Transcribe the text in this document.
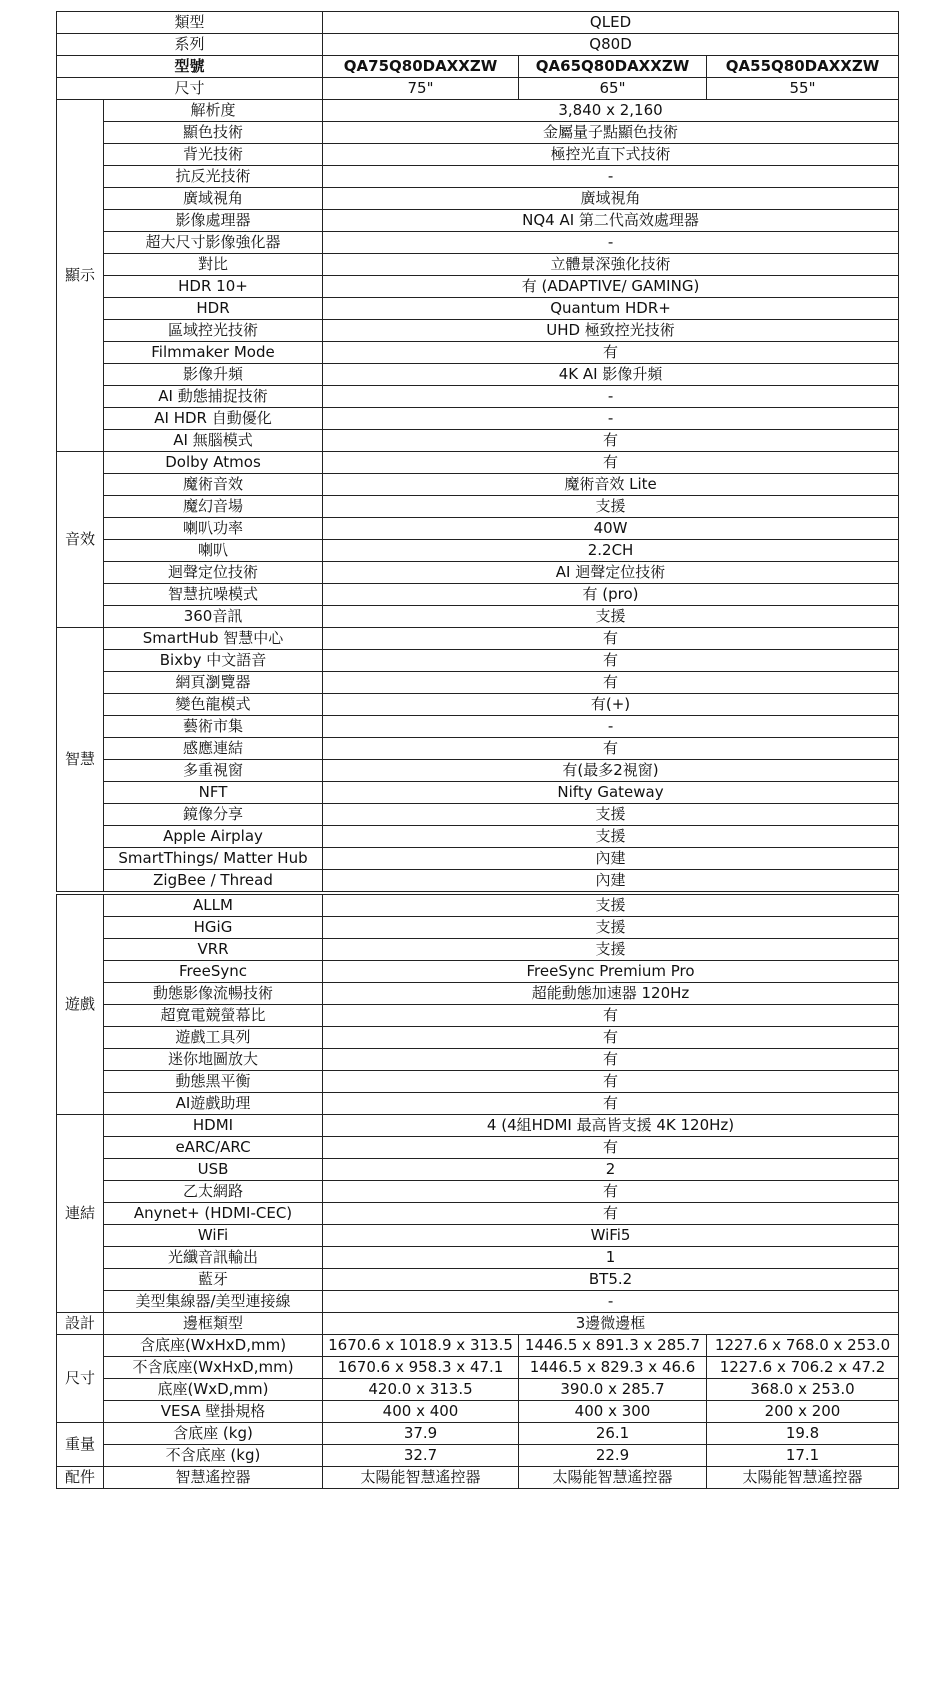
類型		QLED		
系列		Q80D		
型號		QA75Q80DAXXZW	QA65Q80DAXXZW	QA55Q80DAXXZW
尺寸		75"	65"	55"
顯示	解析度	3,840 x 2,160		
	顯色技術	金屬量子點顯色技術		
	背光技術	極控光直下式技術		
	抗反光技術	-		
	廣域視角	廣域視角		
	影像處理器	NQ4 AI 第二代高效處理器		
	超大尺寸影像強化器	-		
	對比	立體景深強化技術		
	HDR 10+	有 (ADAPTIVE/ GAMING)		
	HDR	Quantum HDR+		
	區域控光技術	UHD 極致控光技術		
	Filmmaker Mode	有		
	影像升頻	4K AI 影像升頻		
	AI 動態捕捉技術	-		
	AI HDR 自動優化	-		
	AI 無腦模式	有		
音效	Dolby Atmos	有		
	魔術音效	魔術音效 Lite		
	魔幻音場	支援		
	喇叭功率	40W		
	喇叭	2.2CH		
	迴聲定位技術	AI 迴聲定位技術		
	智慧抗噪模式	有 (pro)		
	360音訊	支援		
智慧	SmartHub 智慧中心	有		
	Bixby 中文語音	有		
	網頁瀏覽器	有		
	變色龍模式	有(+)		
	藝術市集	-		
	感應連結	有		
	多重視窗	有(最多2視窗)		
	NFT	Nifty Gateway		
	鏡像分享	支援		
	Apple Airplay	支援		
	SmartThings/ Matter Hub	內建		
	ZigBee / Thread	內建		

遊戲	ALLM	支援		
	HGiG	支援		
	VRR	支援		
	FreeSync	FreeSync Premium Pro		
	動態影像流暢技術	超能動態加速器 120Hz		
	超寬電競螢幕比	有		
	遊戲工具列	有		
	迷你地圖放大	有		
	動態黑平衡	有		
	AI遊戲助理	有		
連結	HDMI	4 (4組HDMI 最高皆支援 4K 120Hz)		
	eARC/ARC	有		
	USB	2		
	乙太網路	有		
	Anynet+ (HDMI-CEC)	有		
	WiFi	WiFi5		
	光纖音訊輸出	1		
	藍牙	BT5.2		
	美型集線器/美型連接線	-		
設計	邊框類型	3邊微邊框		
尺寸	含底座(WxHxD,mm)	1670.6 x 1018.9 x 313.5	1446.5 x 891.3 x 285.7	1227.6 x 768.0 x 253.0
	不含底座(WxHxD,mm)	1670.6 x 958.3 x 47.1	1446.5 x 829.3 x 46.6	1227.6 x 706.2 x 47.2
	底座(WxD,mm)	420.0 x 313.5	390.0 x 285.7	368.0 x 253.0
	VESA 壁掛規格	400 x 400	400 x 300	200 x 200
重量	含底座 (kg)	37.9	26.1	19.8
	不含底座 (kg)	32.7	22.9	17.1
配件	智慧遙控器	太陽能智慧遙控器	太陽能智慧遙控器	太陽能智慧遙控器
